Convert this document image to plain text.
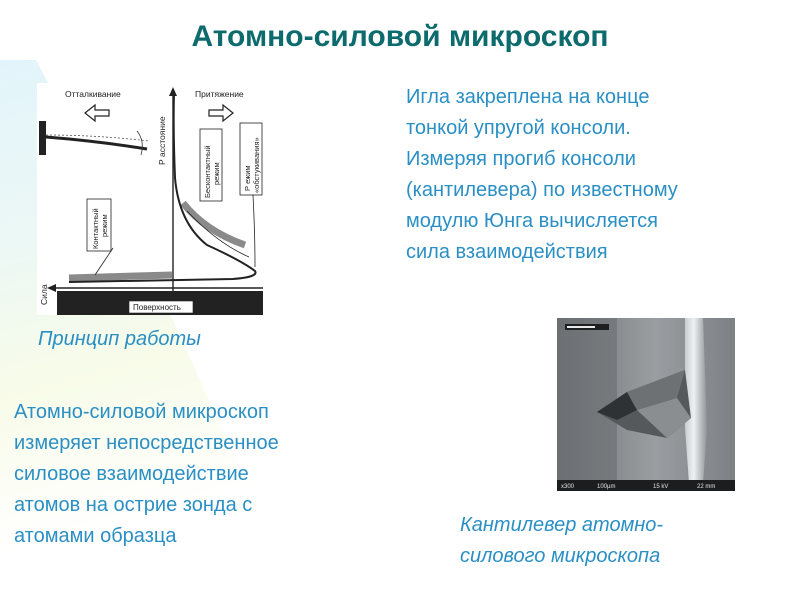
Атомно-силовой микроскоп
Отталкивание	Притяжение
Р асстояние
Сила
Поверхность
Контактный режим
Бесконтактный режим	Р ежим «обстукивания»
Принцип работы
Игла закреплена на конце
тонкой упругой консоли.
Измеряя прогиб консоли
(кантилевера) по известному
модулю Юнга вычисляется
сила взаимодействия
Атомно-силовой микроскоп
измеряет непосредственное
силовое взаимодействие
атомов на острие зонда с
атомами образца
x300	100µm	15 kV	22 mm
Кантилевер атомно-
силового микроскопа
